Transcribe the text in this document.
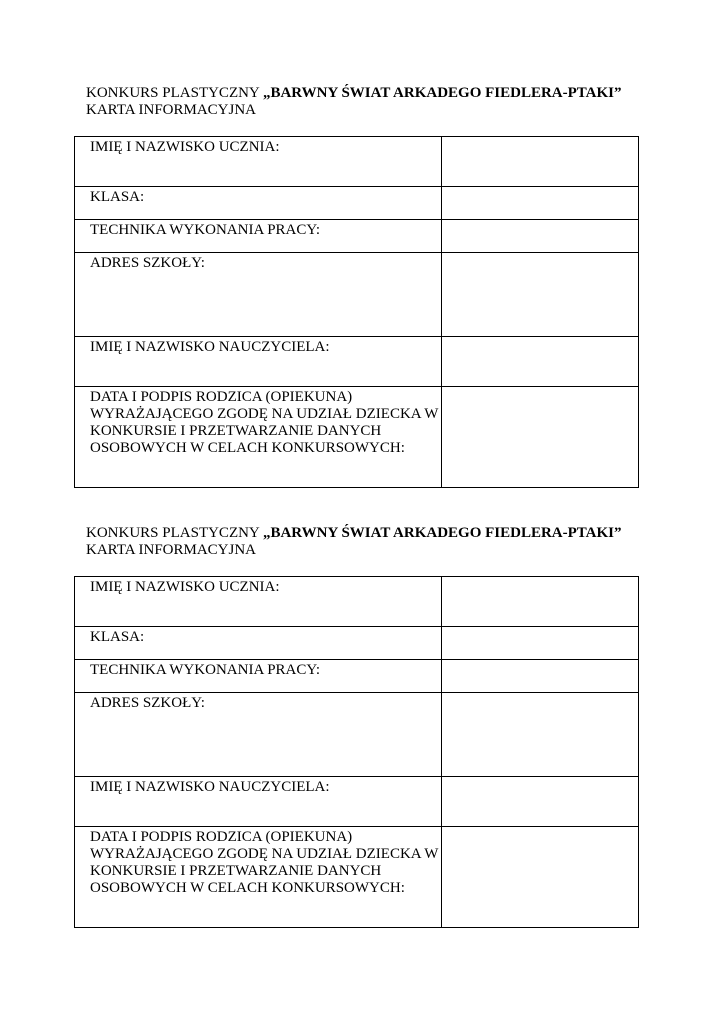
KONKURS PLASTYCZNY „BARWNY ŚWIAT ARKADEGO FIEDLERA-PTAKI”
KARTA INFORMACYJNA
IMIĘ I NAZWISKO UCZNIA:	
KLASA:	
TECHNIKA WYKONANIA PRACY:	
ADRES SZKOŁY:	
IMIĘ I NAZWISKO NAUCZYCIELA:	
DATA I PODPIS RODZICA (OPIEKUNA) WYRAŻAJĄCEGO ZGODĘ NA UDZIAŁ DZIECKA W KONKURSIE I PRZETWARZANIE DANYCH OSOBOWYCH W CELACH KONKURSOWYCH:	
KONKURS PLASTYCZNY „BARWNY ŚWIAT ARKADEGO FIEDLERA-PTAKI”
KARTA INFORMACYJNA
IMIĘ I NAZWISKO UCZNIA:	
KLASA:	
TECHNIKA WYKONANIA PRACY:	
ADRES SZKOŁY:	
IMIĘ I NAZWISKO NAUCZYCIELA:	
DATA I PODPIS RODZICA (OPIEKUNA) WYRAŻAJĄCEGO ZGODĘ NA UDZIAŁ DZIECKA W KONKURSIE I PRZETWARZANIE DANYCH OSOBOWYCH W CELACH KONKURSOWYCH:	
